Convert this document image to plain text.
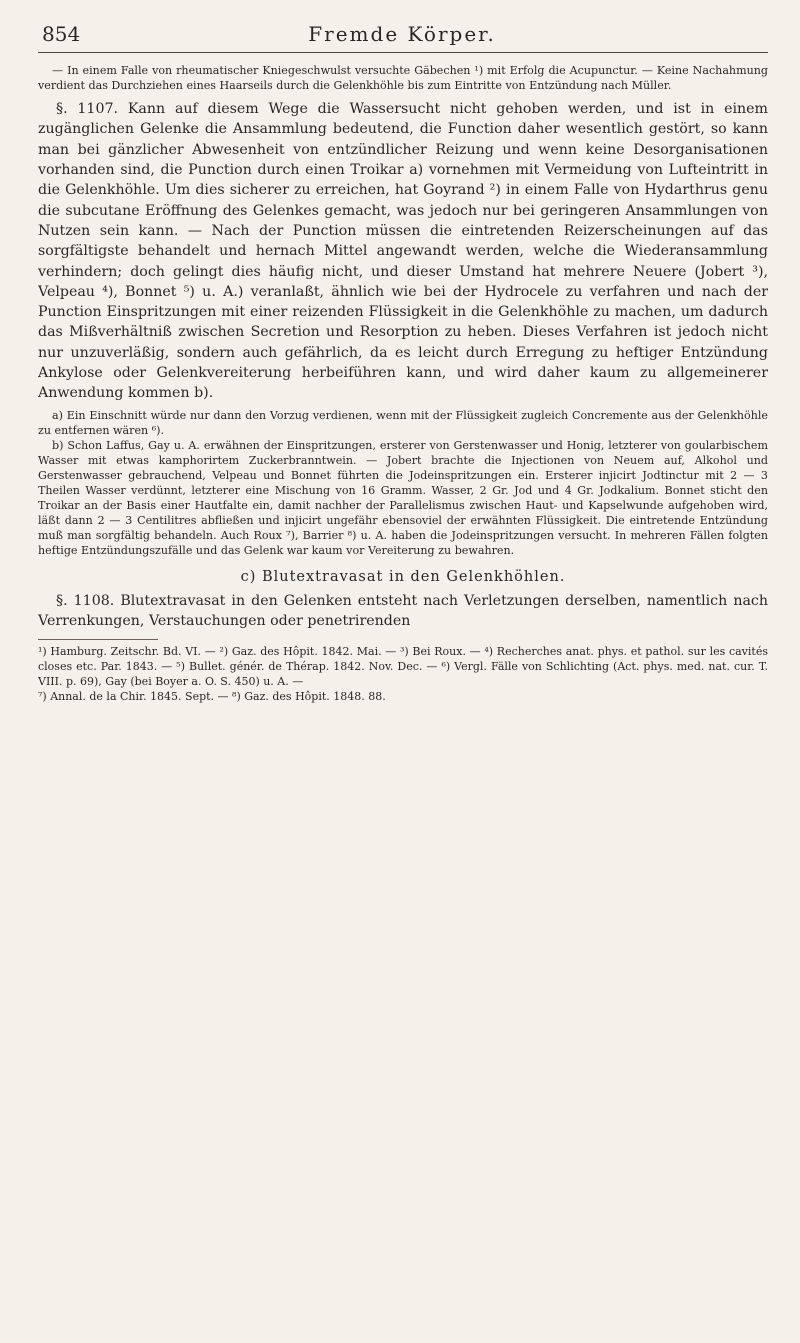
854	Fremde Körper.

— In einem Falle von rheumatischer Kniegeschwulst versuchte Gäbechen ¹) mit Erfolg die Acupunctur. — Keine Nachahmung verdient das Durchziehen eines Haarseils durch die Gelenkhöhle bis zum Eintritte von Entzündung nach Müller.

§. 1107. Kann auf diesem Wege die Wassersucht nicht gehoben werden, und ist in einem zugänglichen Gelenke die Ansammlung bedeutend, die Function daher wesentlich gestört, so kann man bei gänzlicher Abwesenheit von entzündlicher Reizung und wenn keine Desorganisationen vorhanden sind, die Punction durch einen Troikar a) vornehmen mit Vermeidung von Lufteintritt in die Gelenkhöhle. Um dies sicherer zu erreichen, hat Goyrand ²) in einem Falle von Hydarthrus genu die subcutane Eröffnung des Gelenkes gemacht, was jedoch nur bei geringeren Ansammlungen von Nutzen sein kann. — Nach der Punction müssen die eintretenden Reizerscheinungen auf das sorgfältigste behandelt und hernach Mittel angewandt werden, welche die Wiederansammlung verhindern; doch gelingt dies häufig nicht, und dieser Umstand hat mehrere Neuere (Jobert ³), Velpeau ⁴), Bonnet ⁵) u. A.) veranlaßt, ähnlich wie bei der Hydrocele zu verfahren und nach der Punction Einspritzungen mit einer reizenden Flüssigkeit in die Gelenkhöhle zu machen, um dadurch das Mißverhältniß zwischen Secretion und Resorption zu heben. Dieses Verfahren ist jedoch nicht nur unzuverläßig, sondern auch gefährlich, da es leicht durch Erregung zu heftiger Entzündung Ankylose oder Gelenkvereiterung herbeiführen kann, und wird daher kaum zu allgemeinerer Anwendung kommen b).

a) Ein Einschnitt würde nur dann den Vorzug verdienen, wenn mit der Flüssigkeit zugleich Concremente aus der Gelenkhöhle zu entfernen wären ⁶).

b) Schon Laffus, Gay u. A. erwähnen der Einspritzungen, ersterer von Gerstenwasser und Honig, letzterer von goularbischem Wasser mit etwas kamphorirtem Zuckerbranntwein. — Jobert brachte die Injectionen von Neuem auf, Alkohol und Gerstenwasser gebrauchend, Velpeau und Bonnet führten die Jodeinspritzungen ein. Ersterer injicirt Jodtinctur mit 2 — 3 Theilen Wasser verdünnt, letzterer eine Mischung von 16 Gramm. Wasser, 2 Gr. Jod und 4 Gr. Jodkalium. Bonnet sticht den Troikar an der Basis einer Hautfalte ein, damit nachher der Parallelismus zwischen Haut- und Kapselwunde aufgehoben wird, läßt dann 2 — 3 Centilitres abfließen und injicirt ungefähr ebensoviel der erwähnten Flüssigkeit. Die eintretende Entzündung muß man sorgfältig behandeln. Auch Roux ⁷), Barrier ⁸) u. A. haben die Jodeinspritzungen versucht. In mehreren Fällen folgten heftige Entzündungszufälle und das Gelenk war kaum vor Vereiterung zu bewahren.

c) Blutextravasat in den Gelenkhöhlen.

§. 1108. Blutextravasat in den Gelenken entsteht nach Verletzungen derselben, namentlich nach Verrenkungen, Verstauchungen oder penetrirenden

¹) Hamburg. Zeitschr. Bd. VI. — ²) Gaz. des Hôpit. 1842. Mai. — ³) Bei Roux. — ⁴) Recherches anat. phys. et pathol. sur les cavités closes etc. Par. 1843. — ⁵) Bullet. génér. de Thérap. 1842. Nov. Dec. — ⁶) Vergl. Fälle von Schlichting (Act. phys. med. nat. cur. T. VIII. p. 69), Gay (bei Boyer a. O. S. 450) u. A. —

⁷) Annal. de la Chir. 1845. Sept. — ⁸) Gaz. des Hôpit. 1848. 88.
